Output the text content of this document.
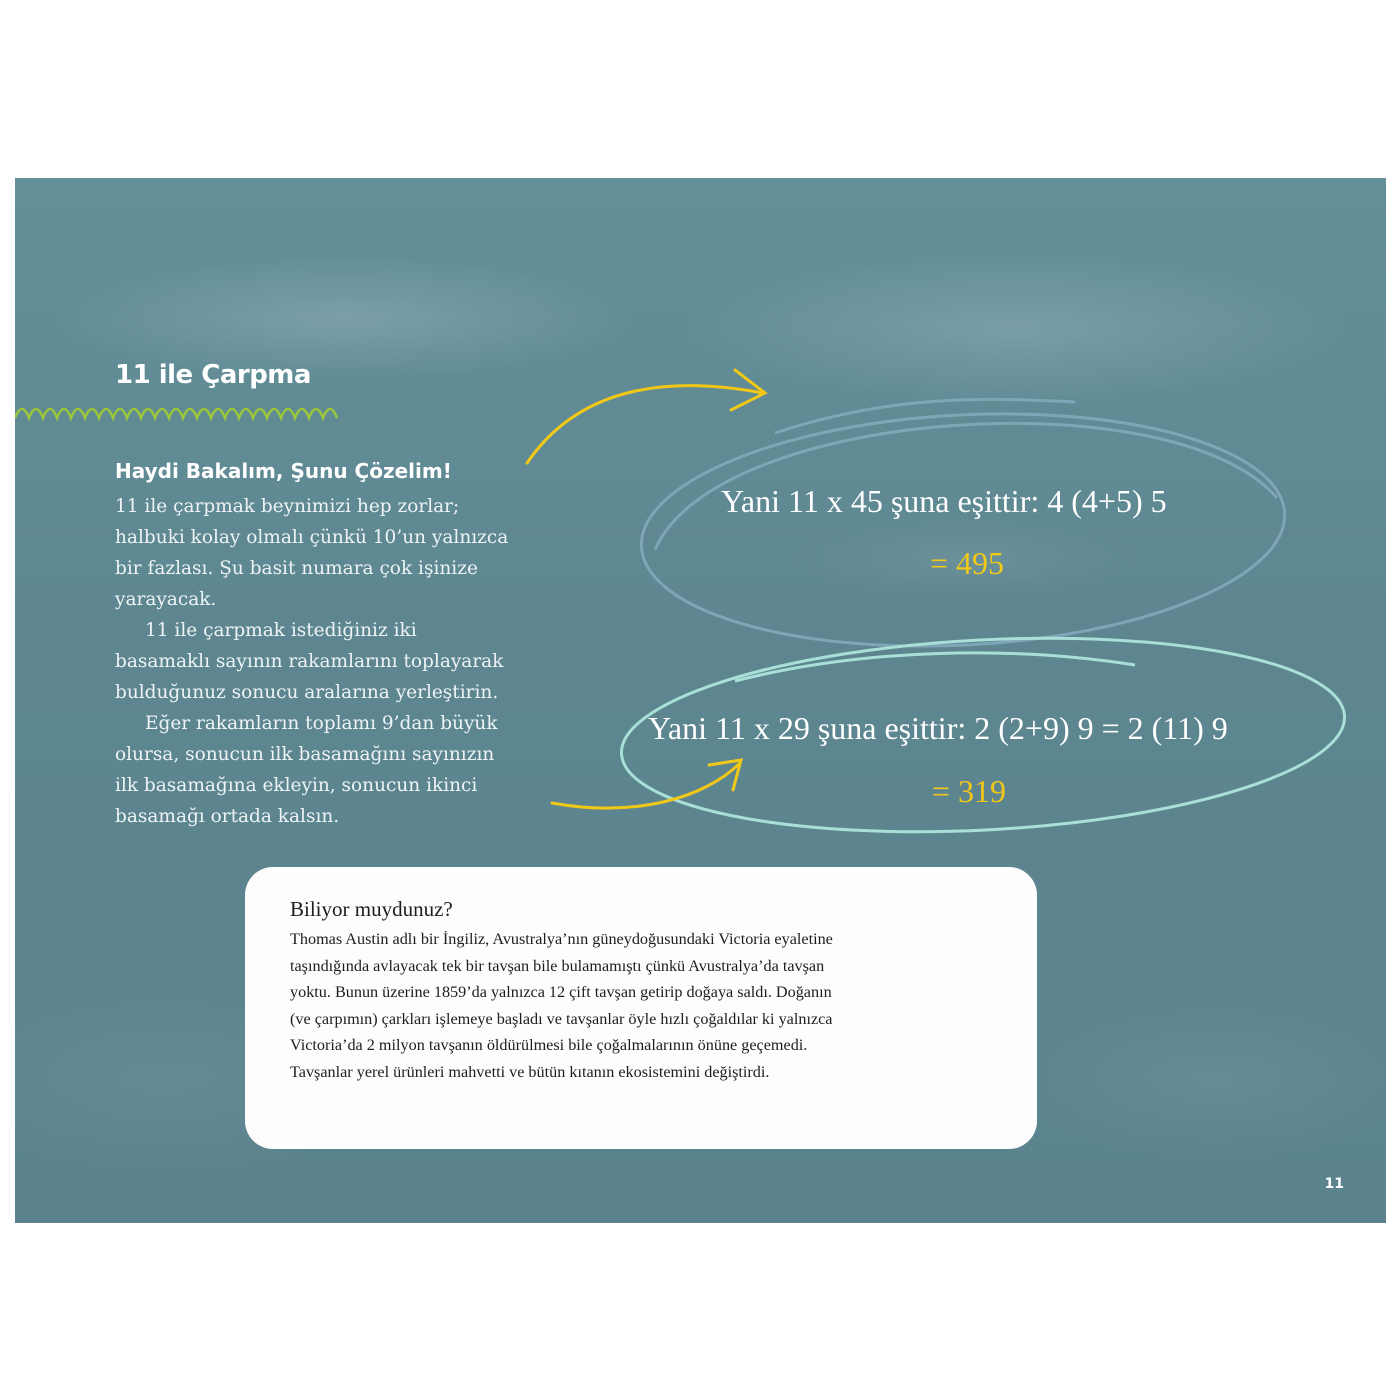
11 ile Çarpma
Haydi Bakalım, Şunu Çözelim!

11 ile çarpmak beynimizi hep zorlar;
halbuki kolay olmalı çünkü 10’un yalnızca
bir fazlası. Şu basit numara çok işinize
yarayacak.

11 ile çarpmak istediğiniz iki
basamaklı sayının rakamlarını toplayarak
bulduğunuz sonucu aralarına yerleştirin.

Eğer rakamların toplamı 9’dan büyük
olursa, sonucun ilk basamağını sayınızın
ilk basamağına ekleyin, sonucun ikinci
basamağı ortada kalsın.

Yani 11 x 45 şuna eşittir: 4 (4+5) 5
= 495
Yani 11 x 29 şuna eşittir: 2 (2+9) 9 = 2 (11) 9
= 319
Biliyor muydunuz?

Thomas Austin adlı bir İngiliz, Avustralya’nın güneydoğusundaki Victoria eyaletine

taşındığında avlayacak tek bir tavşan bile bulamamıştı çünkü Avustralya’da tavşan

yoktu. Bunun üzerine 1859’da yalnızca 12 çift tavşan getirip doğaya saldı. Doğanın

(ve çarpımın) çarkları işlemeye başladı ve tavşanlar öyle hızlı çoğaldılar ki yalnızca

Victoria’da 2 milyon tavşanın öldürülmesi bile çoğalmalarının önüne geçemedi.

Tavşanlar yerel ürünleri mahvetti ve bütün kıtanın ekosistemini değiştirdi.

11
